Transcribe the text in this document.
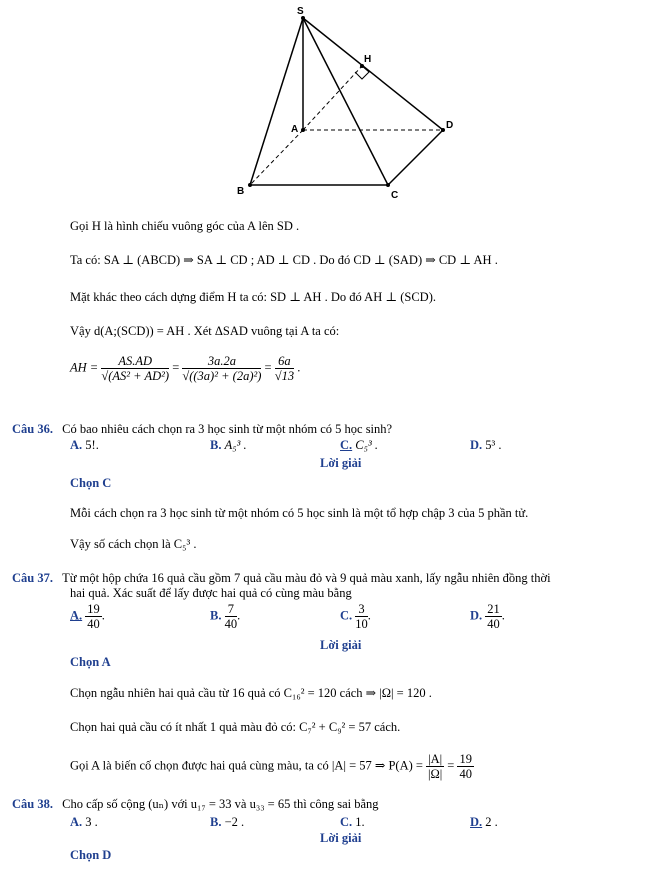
S
H
A	D
B	C
Gọi H là hình chiếu vuông góc của A lên SD .
Ta có: SA ⊥ (ABCD) ⇒ SA ⊥ CD ; AD ⊥ CD . Do đó CD ⊥ (SAD) ⇒ CD ⊥ AH .
Mặt khác theo cách dựng điểm H ta có: SD ⊥ AH . Do đó AH ⊥ (SCD).
Vậy d(A;(SCD)) = AH . Xét ΔSAD vuông tại A ta có:
AH = $\frac{AS.AD}{\text{√(AS² + AD²)}} = \frac{3a.2a}{\text{√((3a)² + (2a)²)}} = \frac{6a}{√13}$ .
Câu 36. Có bao nhiêu cách chọn ra 3 học sinh từ một nhóm có 5 học sinh?
A. 5!.	B. A₅³ .	C. C₅³ .	D. 5³ .
Lời giải
Chọn C
Mỗi cách chọn ra 3 học sinh từ một nhóm có 5 học sinh là một tổ hợp chập 3 của 5 phần tử.
Vậy số cách chọn là C₅³ .
Câu 37. Từ một hộp chứa 16 quả cầu gồm 7 quả cầu màu đỏ và 9 quả màu xanh, lấy ngẫu nhiên đồng thời
hai quả. Xác suất để lấy được hai quả có cùng màu bằng
A. $\frac{19}{40}$ .	B. $\frac{7}{40}$ .	C. $\frac{3}{10}$ .	D. $\frac{21}{40}$ .
Lời giải
Chọn A
Chọn ngẫu nhiên hai quả cầu từ 16 quả có C₁₆² = 120 cách ⇒ |Ω| = 120 .
Chọn hai quả cầu có ít nhất 1 quả màu đỏ có: C₇² + C₉² = 57 cách.
Gọi A là biến cố chọn được hai quả cùng màu, ta có |A| = 57 ⇒ $P(A) = \frac{|A|}{|\Omega|} = \frac{19}{40}$
Câu 38. Cho cấp số cộng (uₙ) với u₁₇ = 33 và u₃₃ = 65 thì công sai bằng
A. 3 .	B. −2 .	C. 1.	D. 2 .
Lời giải
Chọn D
